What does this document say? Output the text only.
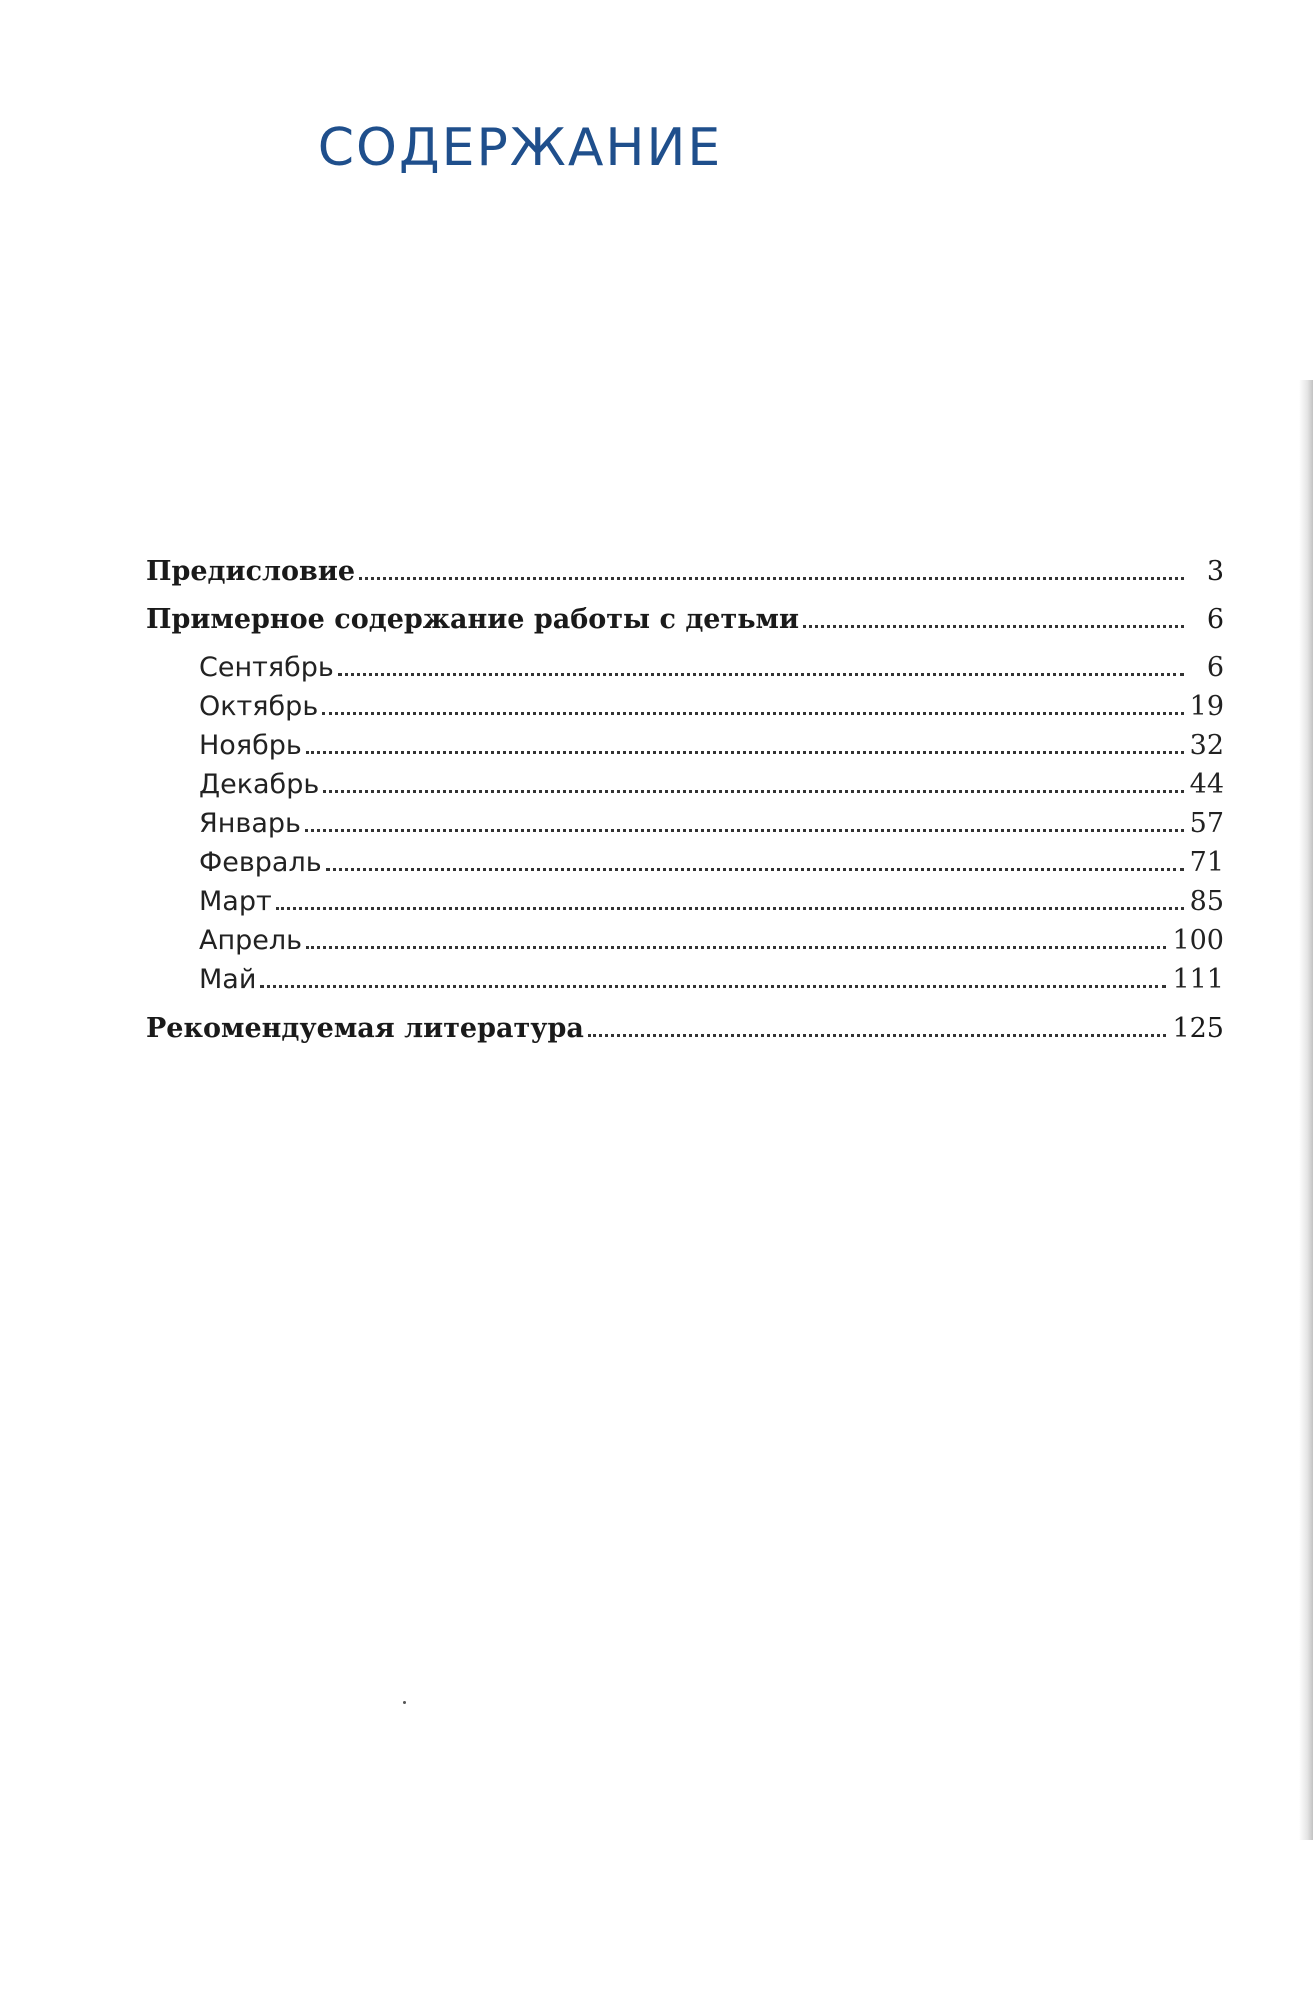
СОДЕРЖАНИЕ
Предисловие	3
Примерное содержание работы с детьми	6
Сентябрь	6
Октябрь	19
Ноябрь	32
Декабрь	44
Январь	57
Февраль	71
Март	85
Апрель	100
Май	111
Рекомендуемая литература	125
